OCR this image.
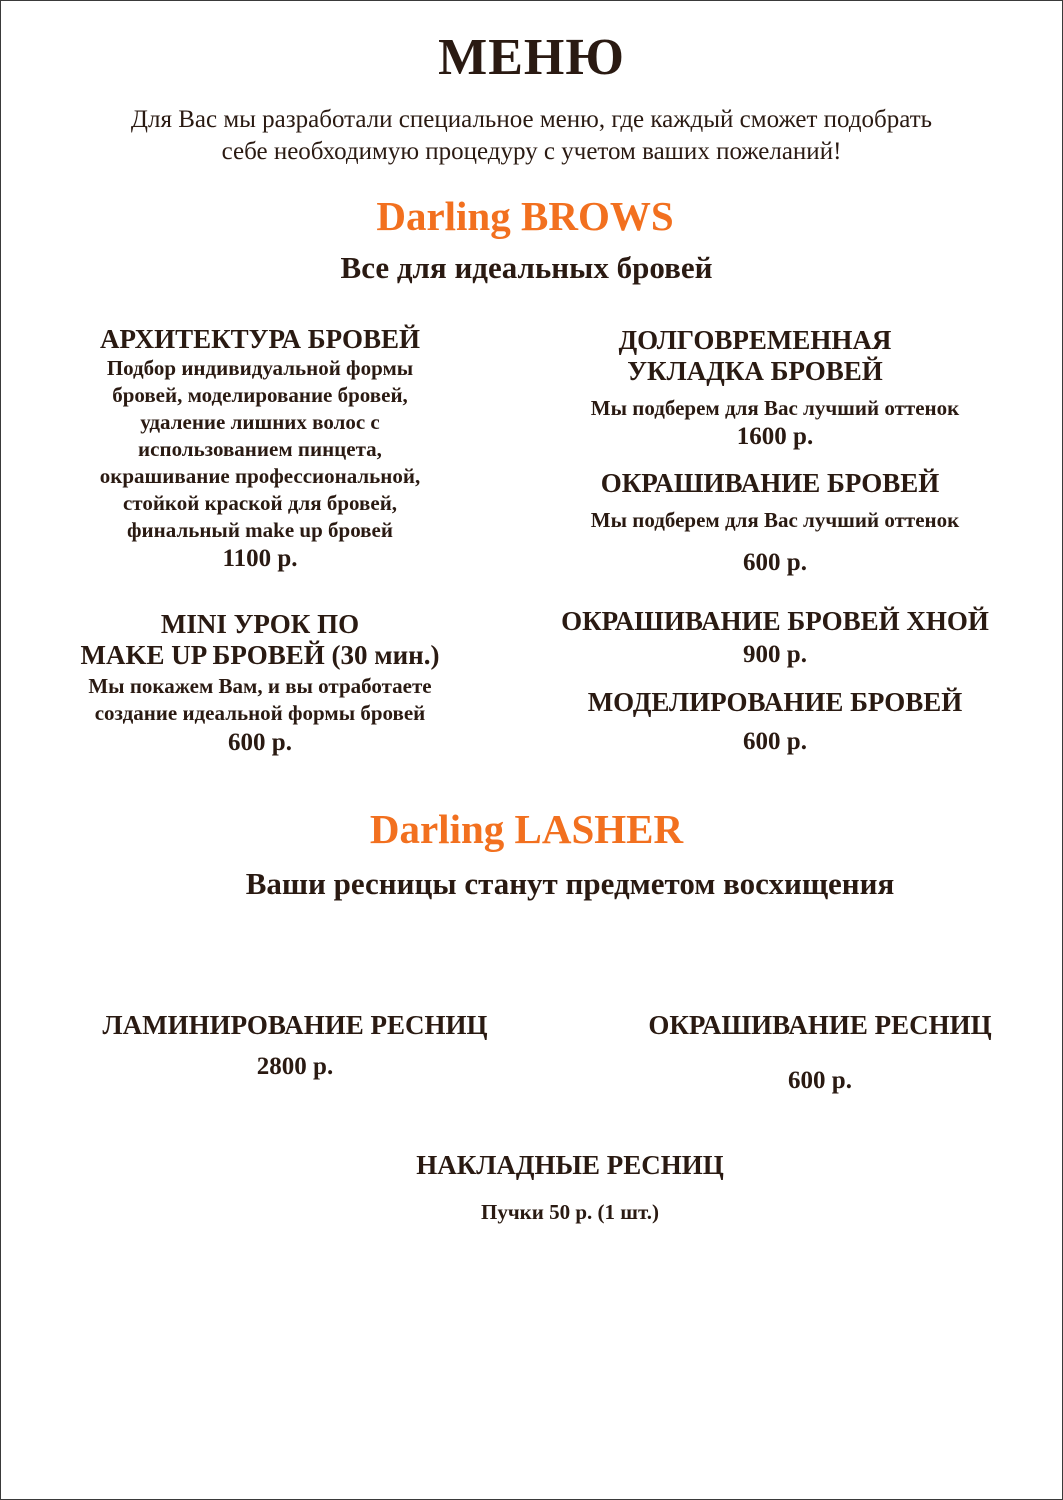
МЕНЮ
Для Вас мы разработали специальное меню, где каждый сможет подобрать
себе необходимую процедуру с учетом ваших пожеланий!
Darling BROWS
Все для идеальных бровей
АРХИТЕКТУРА БРОВЕЙ
Подбор индивидуальной формы
бровей, моделирование бровей,
удаление лишних волос с
использованием пинцета,
окрашивание профессиональной,
стойкой краской для бровей,
финальный make up бровей
1100 р.
MINI УРОК ПО
MAKE UP БРОВЕЙ (30 мин.)
Мы покажем Вам, и вы отработаете
создание идеальной формы бровей
600 р.
ДОЛГОВРЕМЕННАЯ
УКЛАДКА БРОВЕЙ
Мы подберем для Вас лучший оттенок
1600 р.
ОКРАШИВАНИЕ БРОВЕЙ
Мы подберем для Вас лучший оттенок
600 р.
ОКРАШИВАНИЕ БРОВЕЙ ХНОЙ
900 р.
МОДЕЛИРОВАНИЕ БРОВЕЙ
600 р.
Darling LASHER
Ваши ресницы станут предметом восхищения
ЛАМИНИРОВАНИЕ РЕСНИЦ
2800 р.
ОКРАШИВАНИЕ РЕСНИЦ
600 р.
НАКЛАДНЫЕ РЕСНИЦ
Пучки 50 р. (1 шт.)
